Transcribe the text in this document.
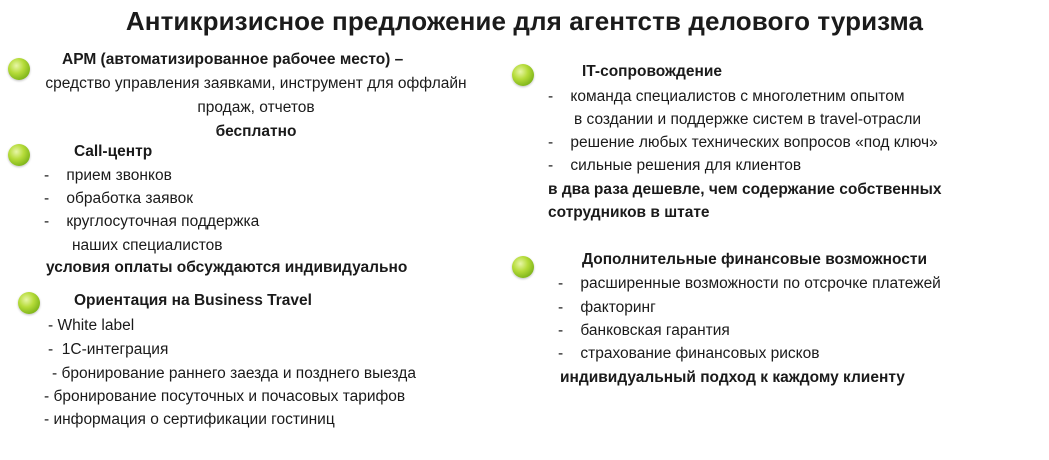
Антикризисное предложение для агентств делового туризма
АРМ (автоматизированное рабочее место) –
средство управления заявками, инструмент для оффлайн
продаж, отчетов
бесплатно
Call-центр
-    прием звонков
-    обработка заявок
-    круглосуточная поддержка
наших специалистов
условия оплаты обсуждаются индивидуально
Ориентация на Business Travel
- White label
-  1С-интеграция
- бронирование раннего заезда и позднего выезда
- бронирование посуточных и почасовых тарифов
- информация о сертификации гостиниц
IT-сопровождение
-    команда специалистов с многолетним опытом
в создании и поддержке систем в travel-отрасли
-    решение любых технических вопросов «под ключ»
-    сильные решения для клиентов
в два раза дешевле, чем содержание собственных
сотрудников в штате
Дополнительные финансовые возможности
-    расширенные возможности по отсрочке платежей
-    факторинг
-    банковская гарантия
-    страхование финансовых рисков
индивидуальный подход к каждому клиенту
